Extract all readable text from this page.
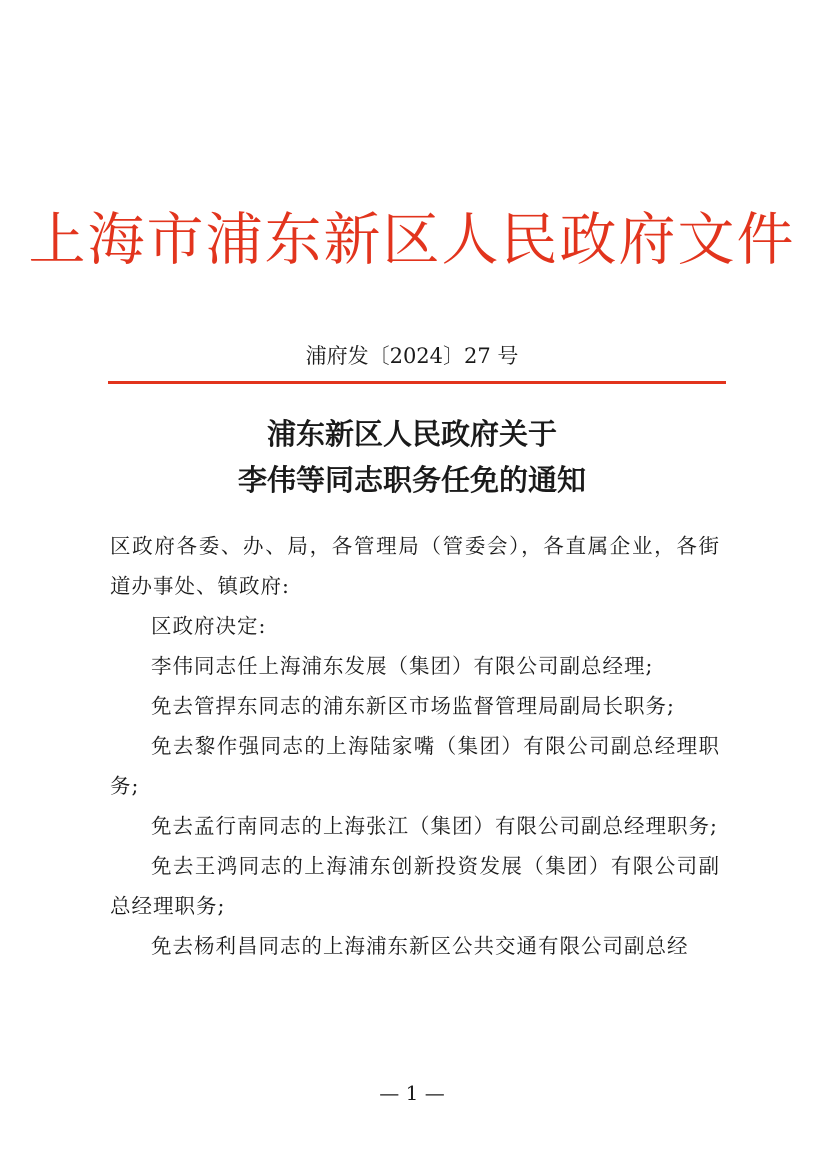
上海市浦东新区人民政府文件
浦府发〔2024〕27 号
浦东新区人民政府关于
李伟等同志职务任免的通知

区政府各委、办、局，各管理局（管委会），各直属企业，各街道办事处、镇政府:

区政府决定:

李伟同志任上海浦东发展（集团）有限公司副总经理;

免去管捍东同志的浦东新区市场监督管理局副局长职务;

免去黎作强同志的上海陆家嘴（集团）有限公司副总经理职务;

免去孟行南同志的上海张江（集团）有限公司副总经理职务;

免去王鸿同志的上海浦东创新投资发展（集团）有限公司副总经理职务;

免去杨利昌同志的上海浦东新区公共交通有限公司副总经

— 1 —
